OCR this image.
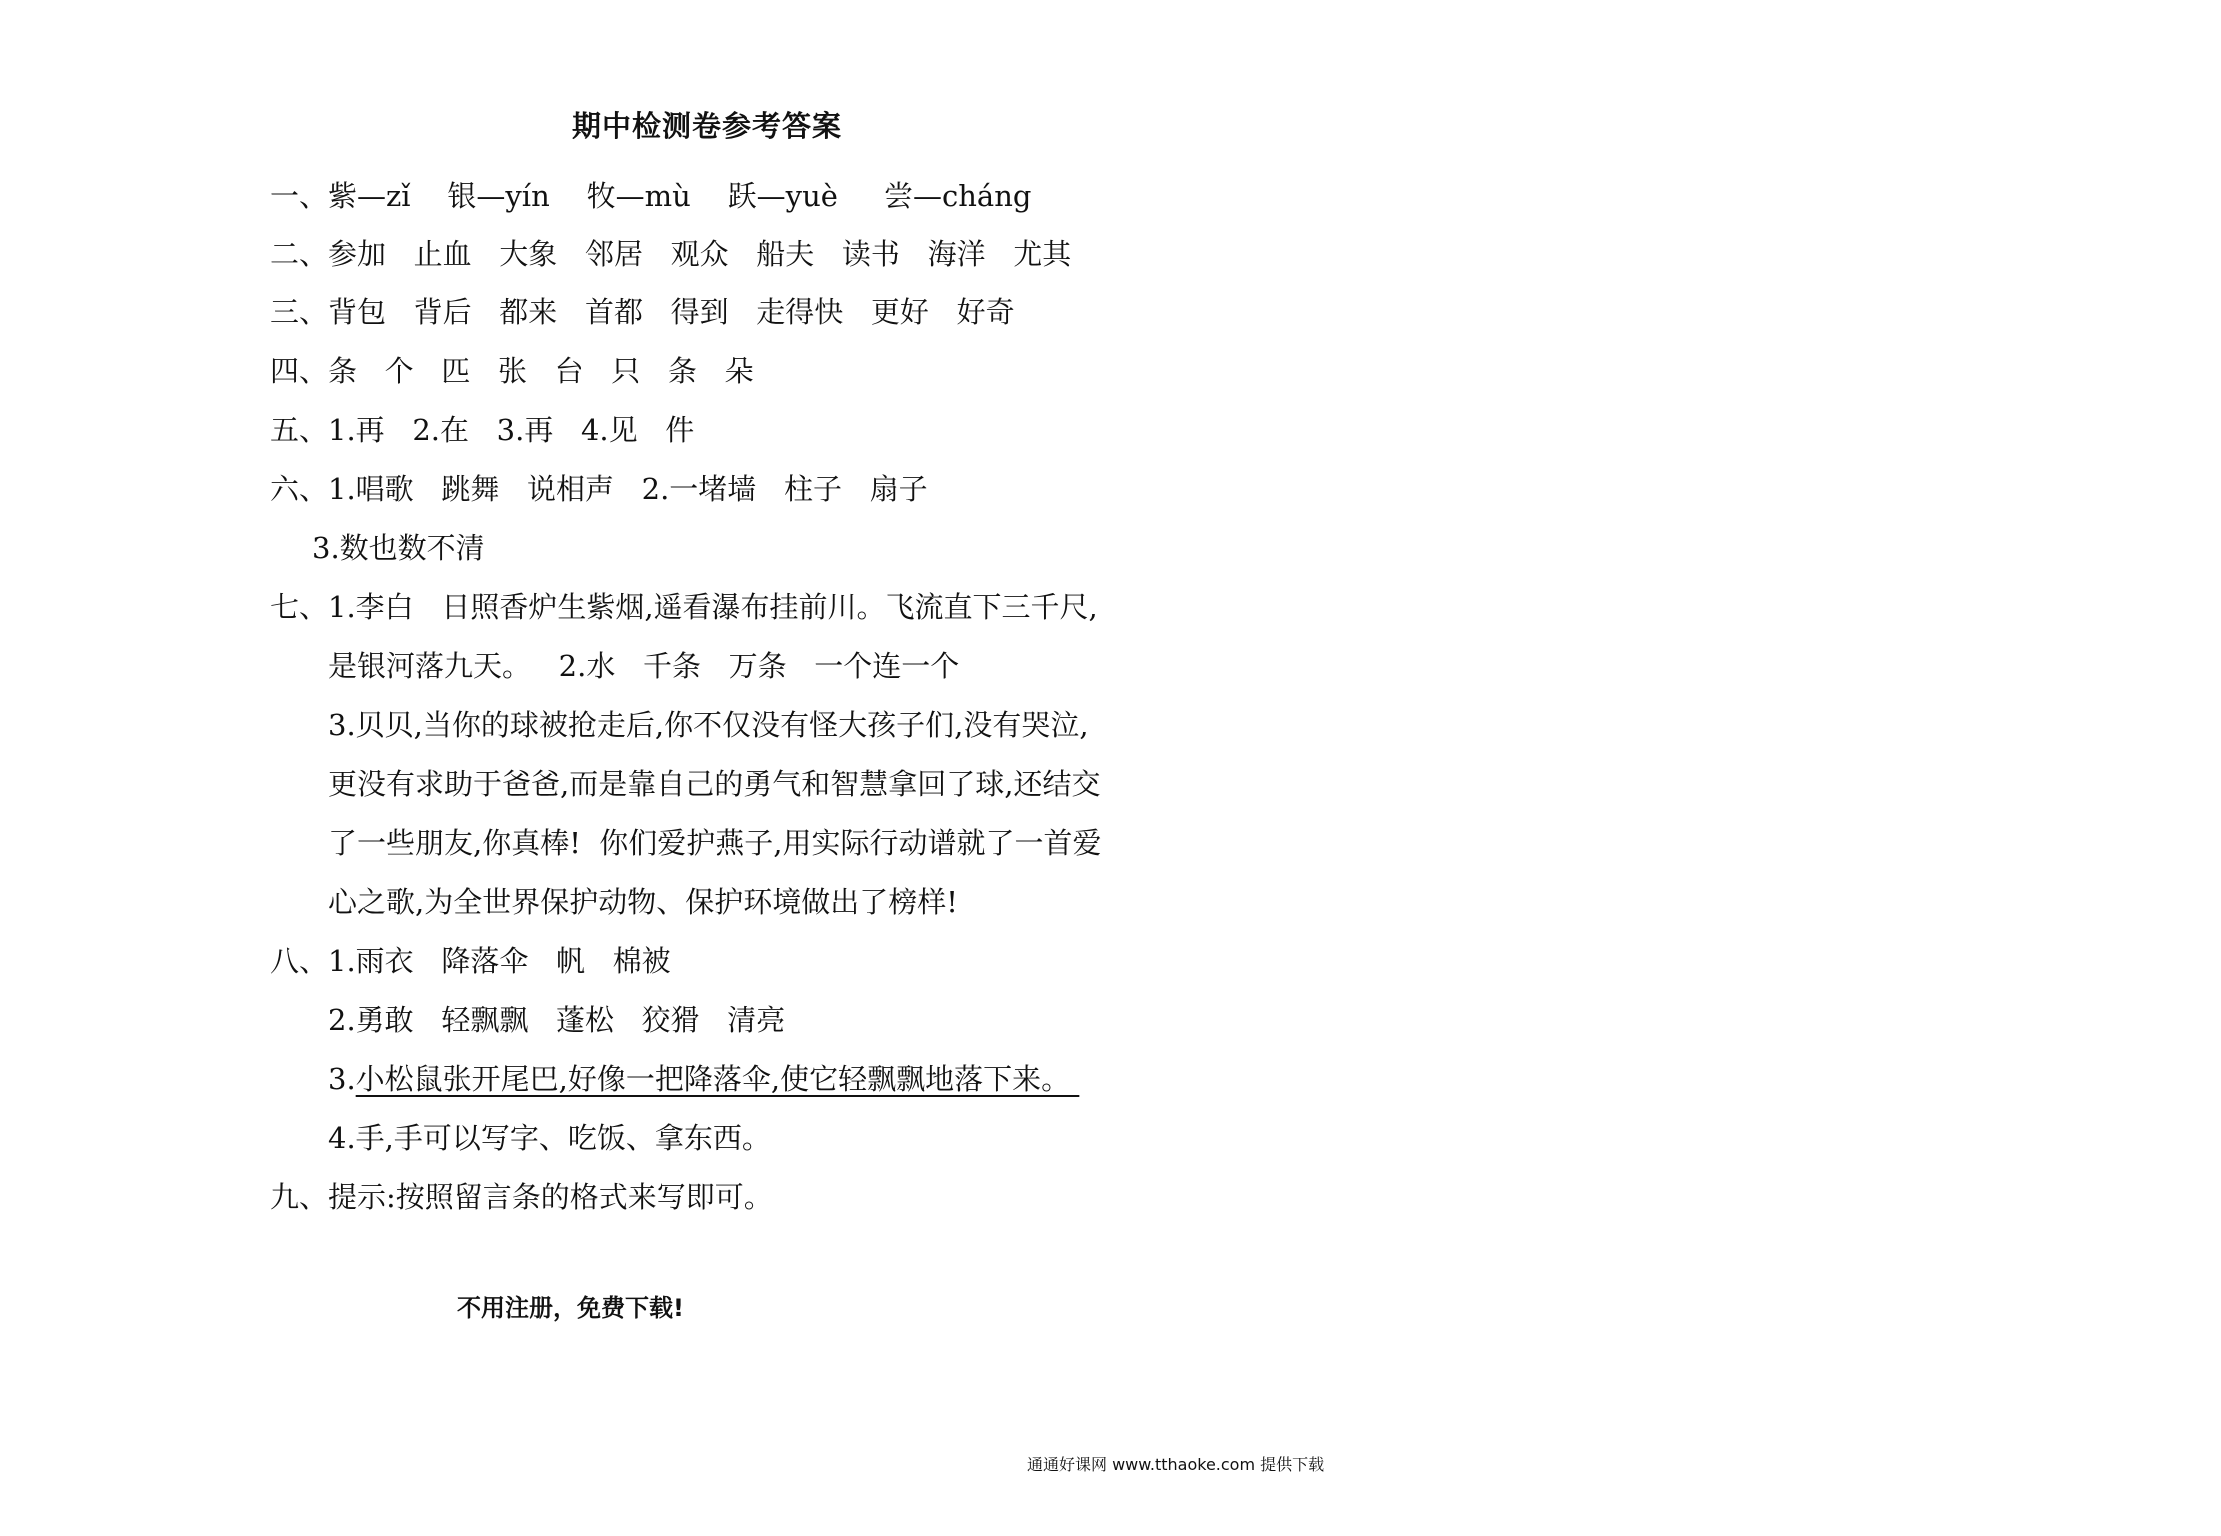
期中检测卷参考答案
一、紫—zǐ    银—yín    牧—mù    跃—yuè     尝—cháng
二、参加   止血   大象   邻居   观众   船夫   读书   海洋   尤其
三、背包   背后   都来   首都   得到   走得快   更好   好奇
四、条   个   匹   张   台   只   条   朵
五、1.再   2.在   3.再   4.见   件
六、1.唱歌   跳舞   说相声   2.一堵墙   柱子   扇子
3.数也数不清
七、1.李白   日照香炉生紫烟,遥看瀑布挂前川。飞流直下三千尺,
是银河落九天。   2.水   千条   万条   一个连一个
3.贝贝,当你的球被抢走后,你不仅没有怪大孩子们,没有哭泣,
更没有求助于爸爸,而是靠自己的勇气和智慧拿回了球,还结交
了一些朋友,你真棒!  你们爱护燕子,用实际行动谱就了一首爱
心之歌,为全世界保护动物、保护环境做出了榜样!
八、1.雨衣   降落伞   帆   棉被
2.勇敢   轻飘飘   蓬松   狡猾   清亮
3.小松鼠张开尾巴,好像一把降落伞,使它轻飘飘地落下来。
4.手,手可以写字、吃饭、拿东西。
九、提示:按照留言条的格式来写即可。
不用注册，免费下载!
通通好课网 www.tthaoke.com 提供下载
